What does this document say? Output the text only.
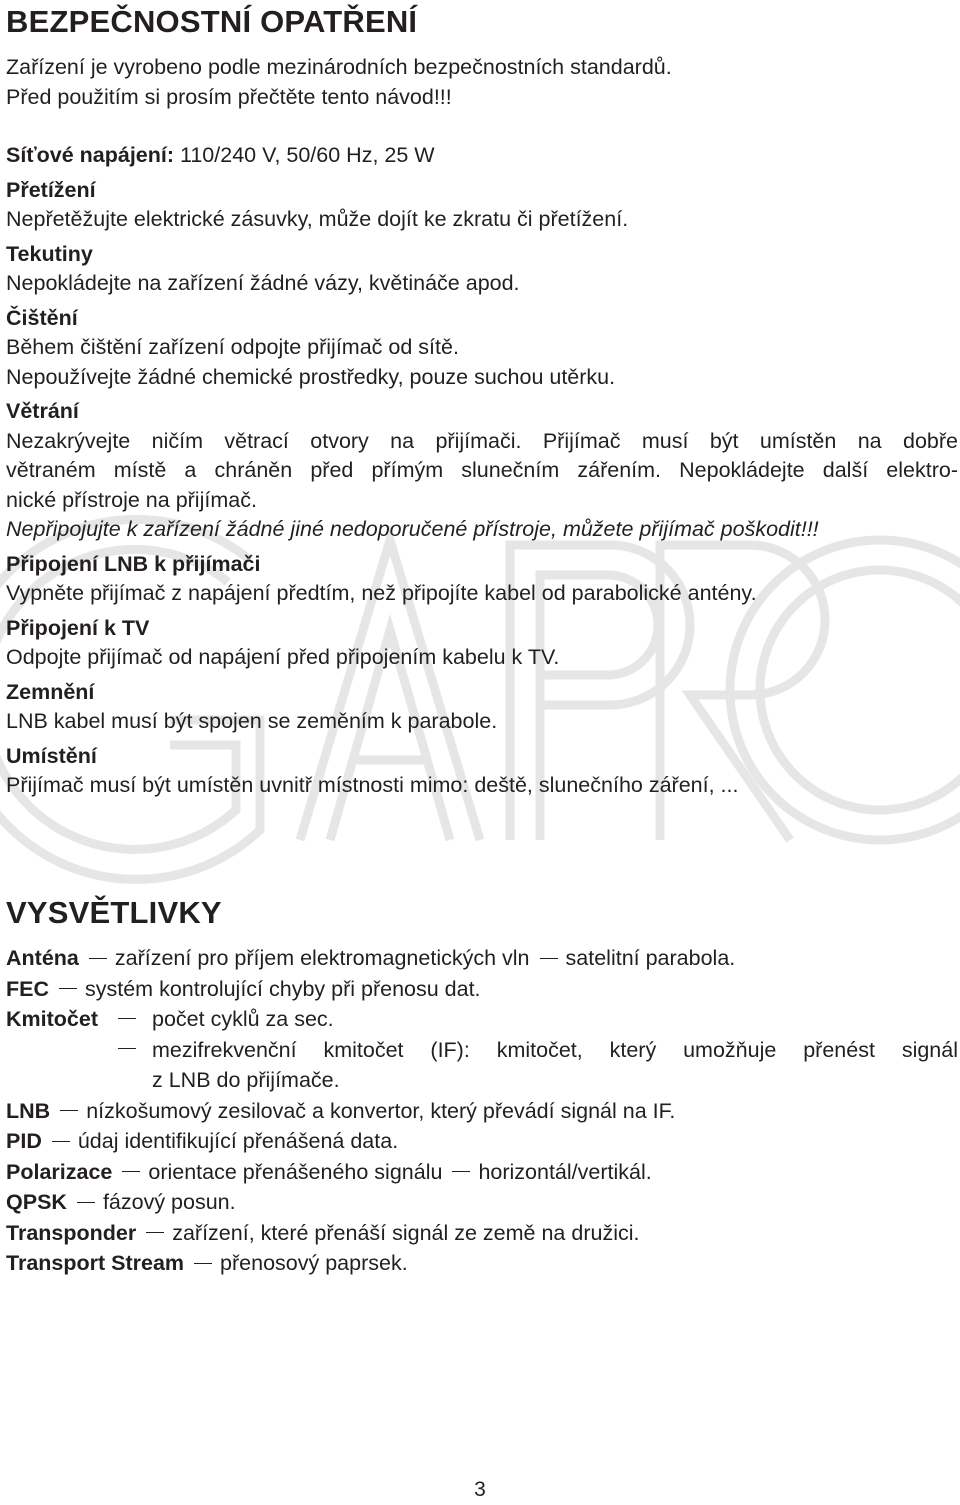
BEZPEČNOSTNÍ OPATŘENÍ

Zařízení je vyrobeno podle mezinárodních bezpečnostních standardů.

Před použitím si prosím přečtěte tento návod!!!

Síťové napájení: 110/240 V, 50/60 Hz, 25 W

Přetížení

Nepřetěžujte elektrické zásuvky, může dojít ke zkratu či přetížení.

Tekutiny

Nepokládejte na zařízení žádné vázy, květináče apod.

Čištění

Během čištění zařízení odpojte přijímač od sítě.

Nepoužívejte žádné chemické prostředky, pouze suchou utěrku.

Větrání

Nezakrývejte ničím větrací otvory na přijímači. Přijímač musí být umístěn na dobře

větraném místě a chráněn před přímým slunečním zářením. Nepokládejte další elektro-

nické přístroje na přijímač.

Nepřipojujte k zařízení žádné jiné nedoporučené přístroje, můžete přijímač poškodit!!!

Připojení LNB k přijímači

Vypněte přijímač z napájení předtím, než připojíte kabel od parabolické antény.

Připojení k TV

Odpojte přijímač od napájení před připojením kabelu k TV.

Zemnění

LNB kabel musí být spojen se zeměním k parabole.

Umístění

Přijímač musí být umístěn uvnitř místnosti mimo: deště, slunečního záření, ...

VYSVĚTLIVKY
Anténa zařízení pro příjem elektromagnetických vln satelitní parabola.
FEC systém kontrolující chyby při přenosu dat.
Kmitočet	počet cyklů za sec.
mezifrekvenční kmitočet (IF): kmitočet, který umožňuje přenést signál
z LNB do přijímače.
LNB nízkošumový zesilovač a konvertor, který převádí signál na IF.
PID údaj identifikující přenášená data.
Polarizace orientace přenášeného signálu horizontál/vertikál.
QPSK fázový posun.
Transponder zařízení, které přenáší signál ze země na družici.
Transport Stream přenosový paprsek.
3
